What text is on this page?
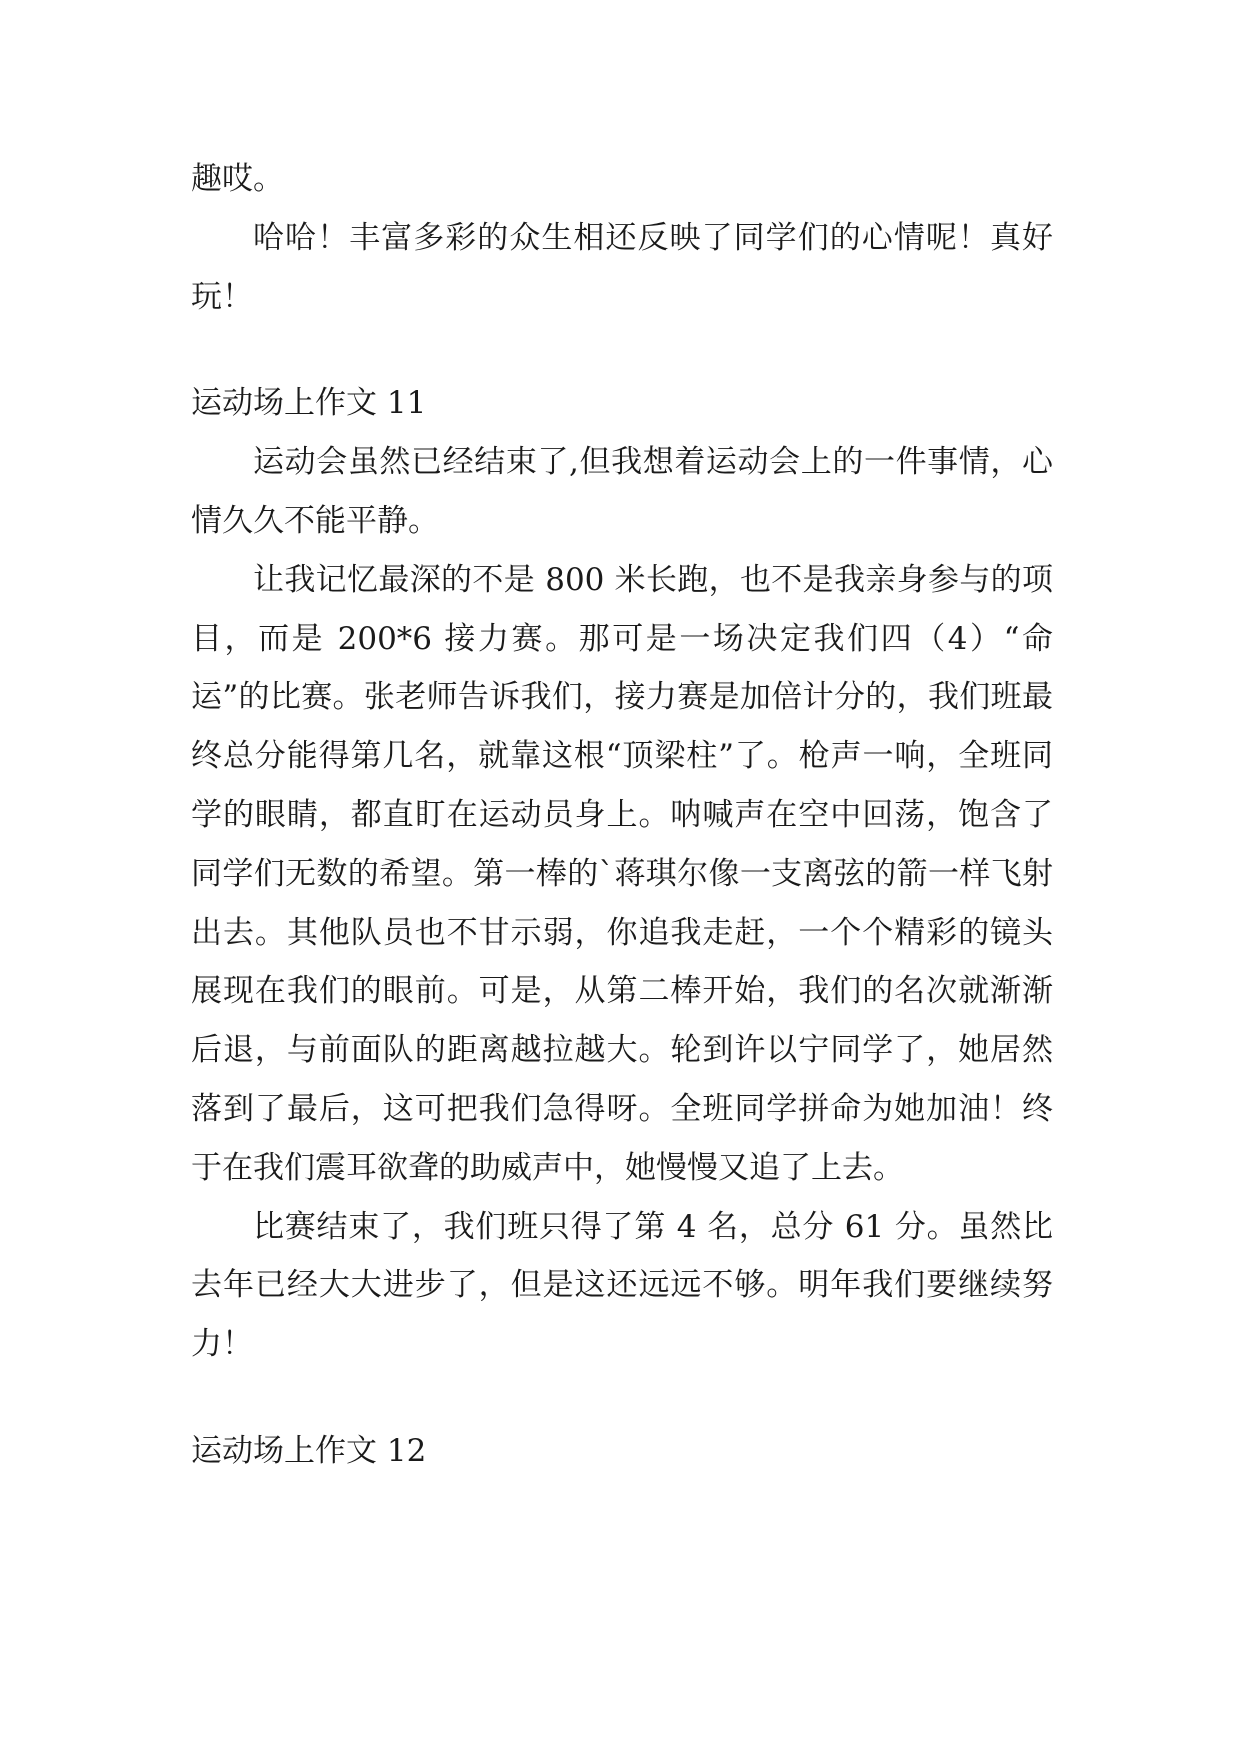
趣哎。

哈哈！丰富多彩的众生相还反映了同学们的心情呢！真好玩！

运动场上作文 11

运动会虽然已经结束了,但我想着运动会上的一件事情，心情久久不能平静。

让我记忆最深的不是 800 米长跑，也不是我亲身参与的项目，而是 200*6 接力赛。那可是一场决定我们四（4）“命运”的比赛。张老师告诉我们，接力赛是加倍计分的，我们班最终总分能得第几名，就靠这根“顶梁柱”了。枪声一响，全班同学的眼睛，都直盯在运动员身上。呐喊声在空中回荡，饱含了同学们无数的希望。第一棒的`蒋琪尔像一支离弦的箭一样飞射出去。其他队员也不甘示弱，你追我走赶，一个个精彩的镜头展现在我们的眼前。可是，从第二棒开始，我们的名次就渐渐后退，与前面队的距离越拉越大。轮到许以宁同学了，她居然落到了最后，这可把我们急得呀。全班同学拼命为她加油！终于在我们震耳欲聋的助威声中，她慢慢又追了上去。

比赛结束了，我们班只得了第 4 名，总分 61 分。虽然比去年已经大大进步了，但是这还远远不够。明年我们要继续努力！

运动场上作文 12
